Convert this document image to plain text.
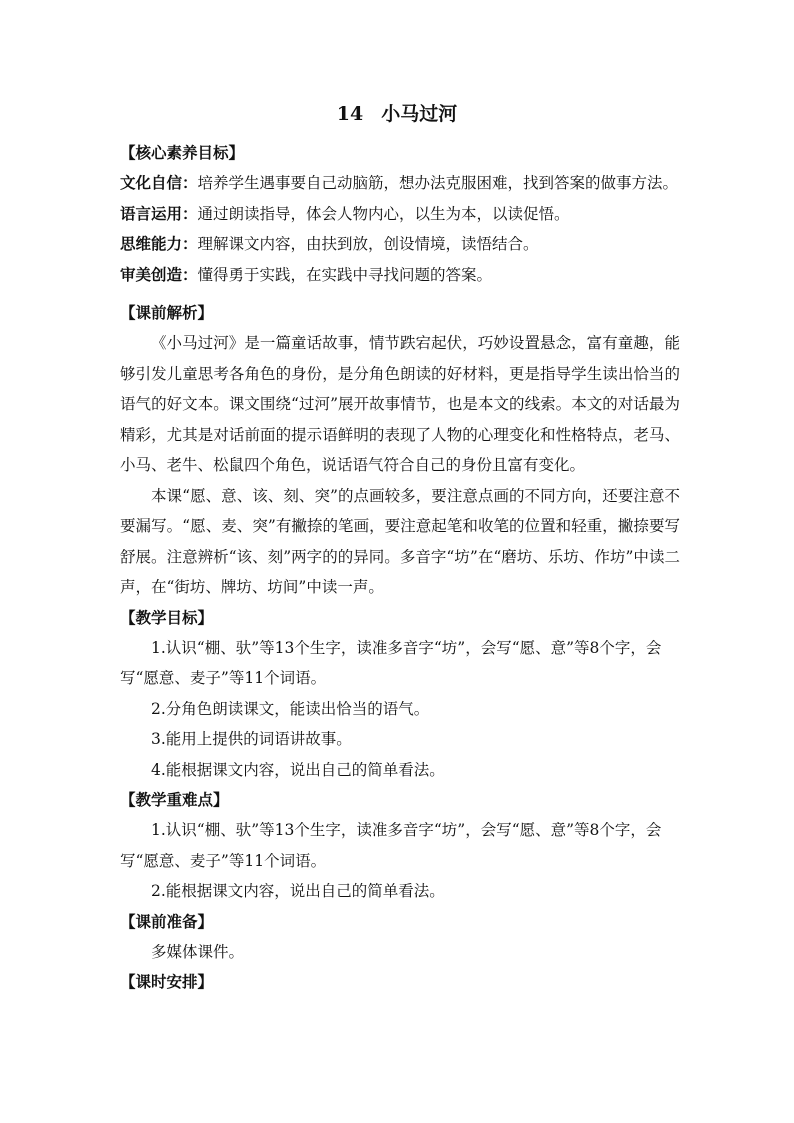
14 小马过河
【核心素养目标】
文化自信：培养学生遇事要自己动脑筋，想办法克服困难，找到答案的做事方法。
语言运用：通过朗读指导，体会人物内心，以生为本，以读促悟。
思维能力：理解课文内容，由扶到放，创设情境，读悟结合。
审美创造：懂得勇于实践，在实践中寻找问题的答案。
【课前解析】

《小马过河》是一篇童话故事，情节跌宕起伏，巧妙设置悬念，富有童趣，能够引发儿童思考各角色的身份，是分角色朗读的好材料，更是指导学生读出恰当的语气的好文本。课文围绕“过河”展开故事情节，也是本文的线索。本文的对话最为精彩，尤其是对话前面的提示语鲜明的表现了人物的心理变化和性格特点，老马、小马、老牛、松鼠四个角色，说话语气符合自己的身份且富有变化。

本课“愿、意、该、刻、突”的点画较多，要注意点画的不同方向，还要注意不要漏写。“愿、麦、突”有撇捺的笔画，要注意起笔和收笔的位置和轻重，撇捺要写舒展。注意辨析“该、刻”两字的的异同。多音字“坊”在“磨坊、乐坊、作坊”中读二声，在“街坊、牌坊、坊间”中读一声。

【教学目标】

1.认识“棚、驮”等13个生字，读准多音字“坊”，会写“愿、意”等8个字，会写“愿意、麦子”等11个词语。

2.分角色朗读课文，能读出恰当的语气。

3.能用上提供的词语讲故事。

4.能根据课文内容，说出自己的简单看法。

【教学重难点】

1.认识“棚、驮”等13个生字，读准多音字“坊”，会写“愿、意”等8个字，会写“愿意、麦子”等11个词语。

2.能根据课文内容，说出自己的简单看法。

【课前准备】

多媒体课件。

【课时安排】
